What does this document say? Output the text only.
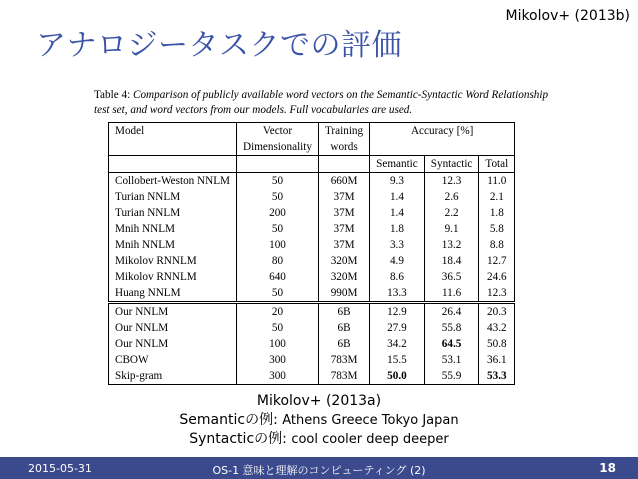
Mikolov+ (2013b)
アナロジータスクでの評価
Table 4: Comparison of publicly available word vectors on the Semantic-Syntactic Word Relationship test set, and word vectors from our models. Full vocabularies are used.
Model	Vector	Training	Accuracy [%]		
	Dimensionality	words			
			Semantic	Syntactic	Total
Collobert-Weston NNLM	50	660M	9.3	12.3	11.0
Turian NNLM	50	37M	1.4	2.6	2.1
Turian NNLM	200	37M	1.4	2.2	1.8
Mnih NNLM	50	37M	1.8	9.1	5.8
Mnih NNLM	100	37M	3.3	13.2	8.8
Mikolov RNNLM	80	320M	4.9	18.4	12.7
Mikolov RNNLM	640	320M	8.6	36.5	24.6
Huang NNLM	50	990M	13.3	11.6	12.3
Our NNLM	20	6B	12.9	26.4	20.3
Our NNLM	50	6B	27.9	55.8	43.2
Our NNLM	100	6B	34.2	64.5	50.8
CBOW	300	783M	15.5	53.1	36.1
Skip-gram	300	783M	50.0	55.9	53.3
Mikolov+ (2013a)
Semanticの例: Athens Greece Tokyo Japan
Syntacticの例: cool cooler deep deeper
2015-05-31	OS-1 意味と理解のコンピューティング (2)	18
